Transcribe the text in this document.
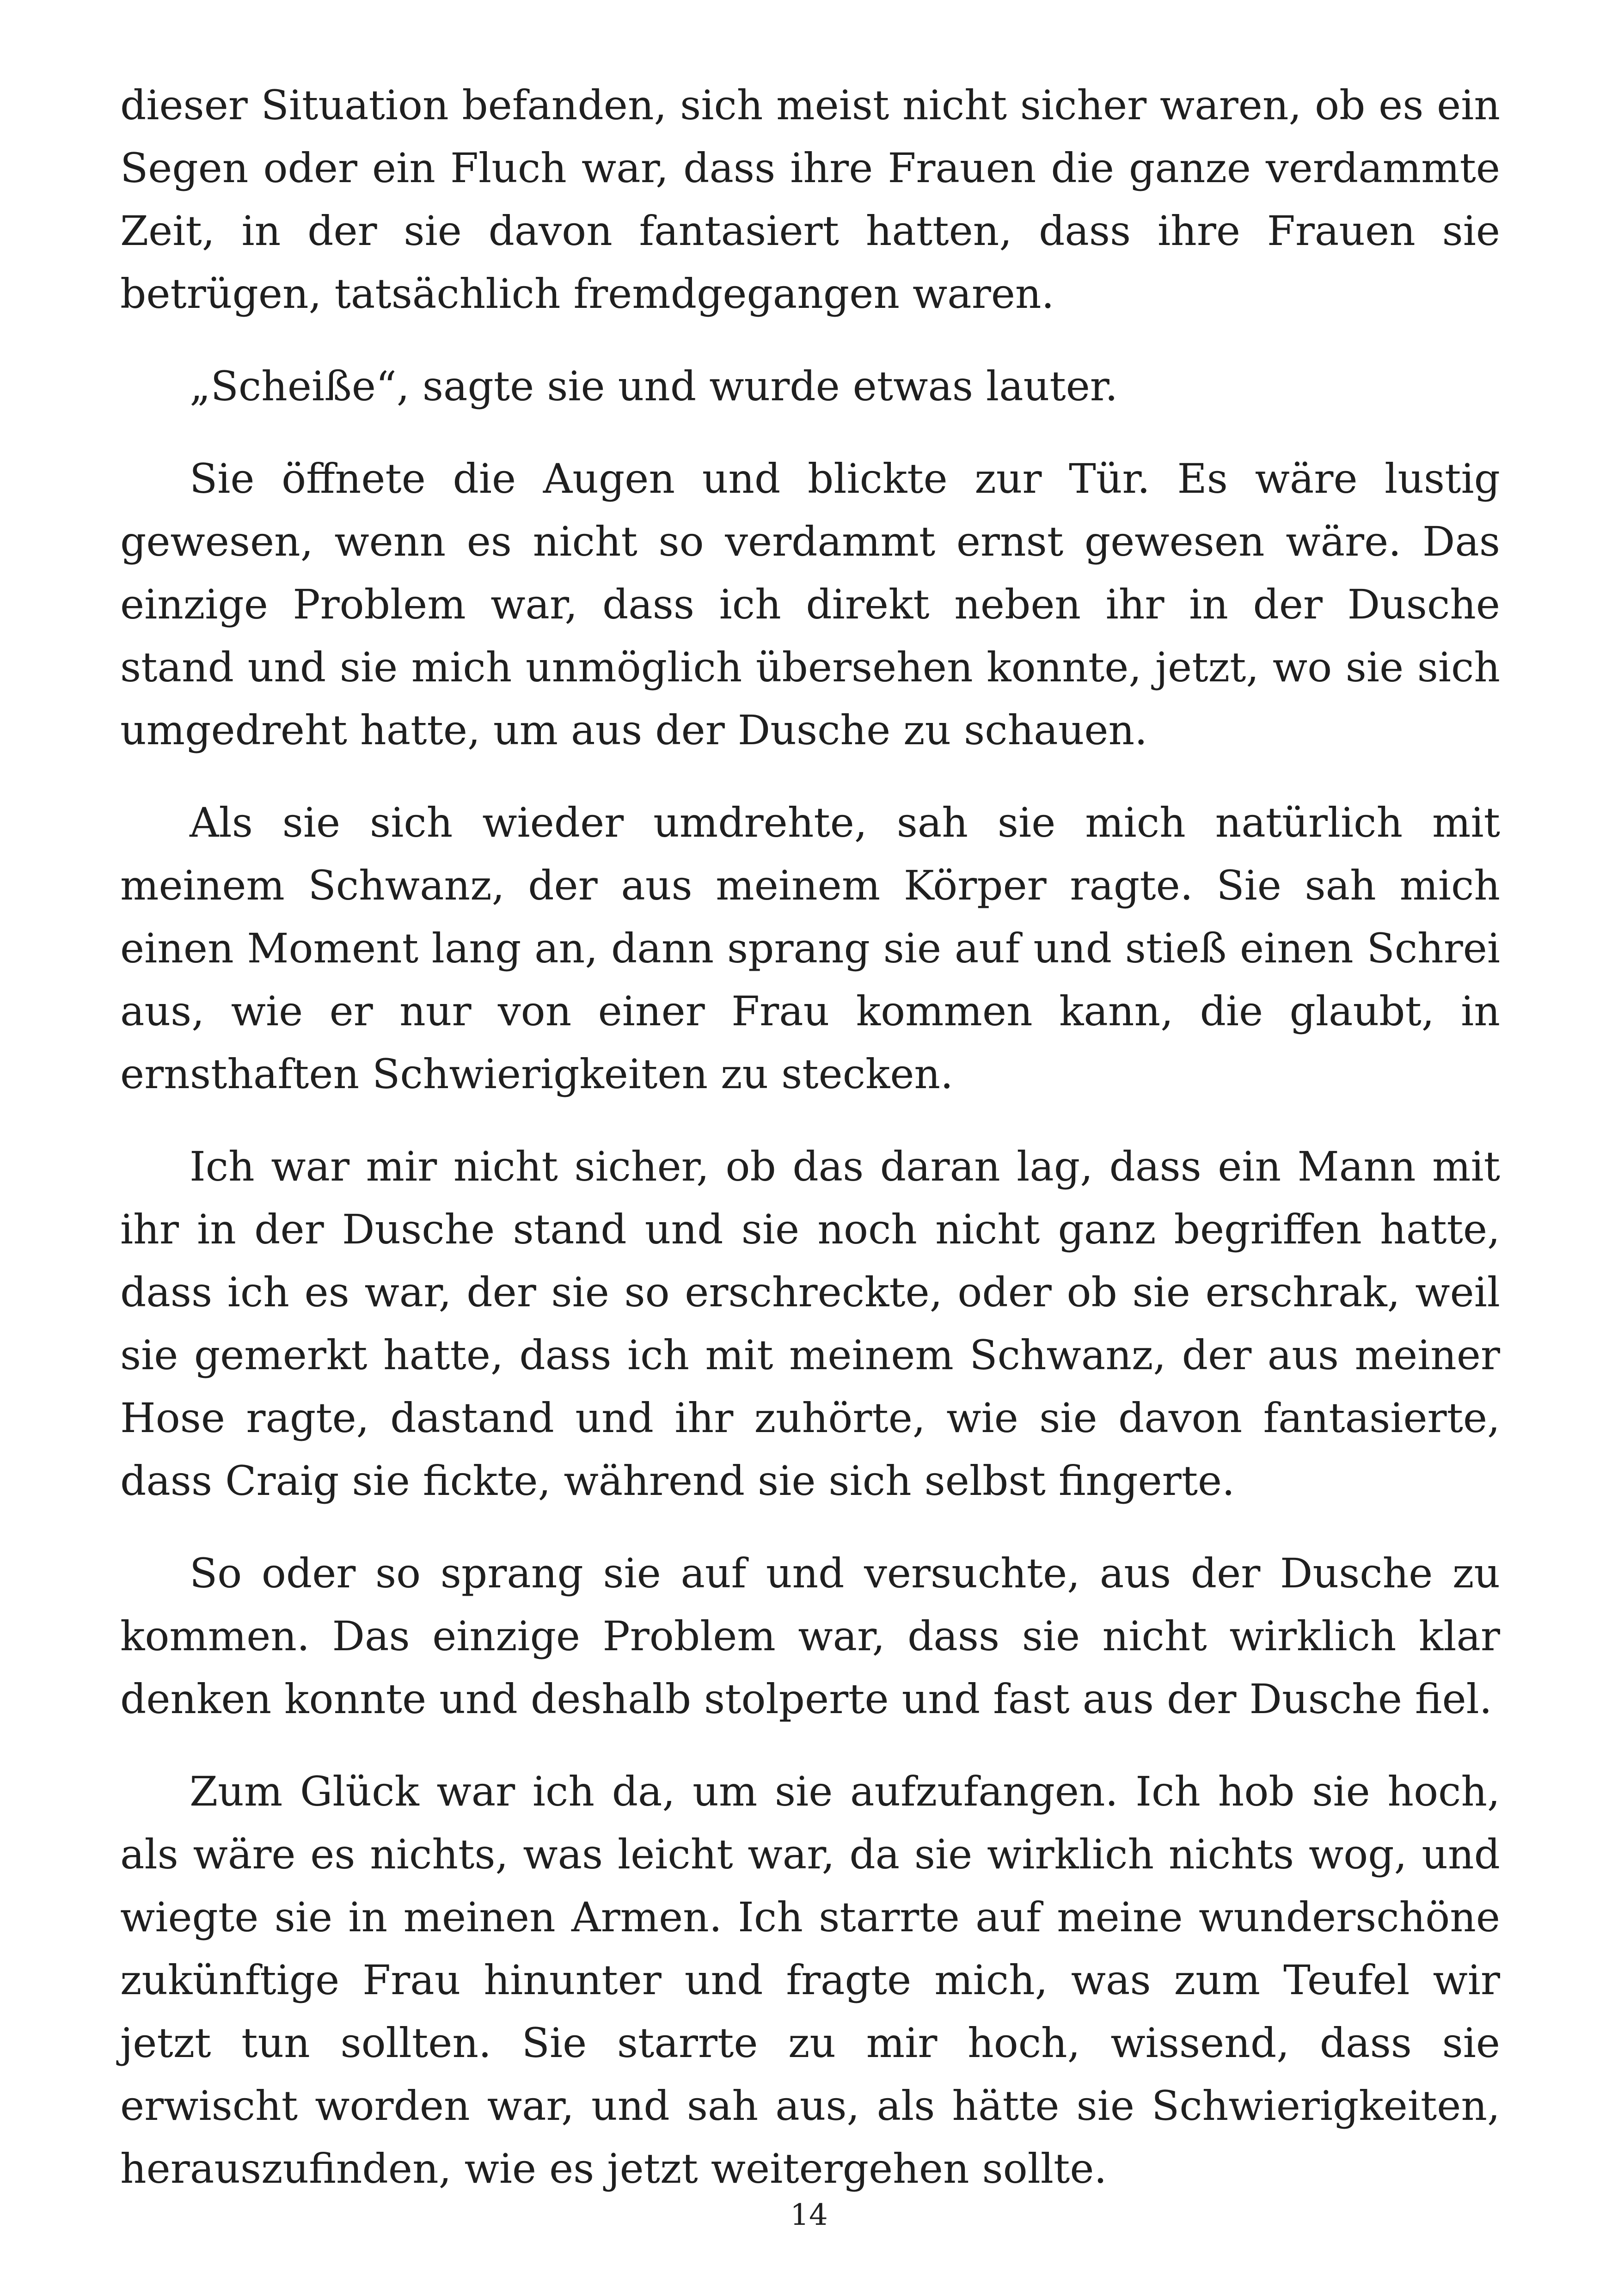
dieser Situation befanden, sich meist nicht sicher waren, ob es ein Segen oder ein Fluch war, dass ihre Frauen die ganze verdammte Zeit, in der sie davon fantasiert hatten, dass ihre Frauen sie betrügen, tatsächlich fremdgegangen waren.

„Scheiße“, sagte sie und wurde etwas lauter.

Sie öffnete die Augen und blickte zur Tür. Es wäre lustig gewesen, wenn es nicht so verdammt ernst gewesen wäre. Das einzige Problem war, dass ich direkt neben ihr in der Dusche stand und sie mich unmöglich übersehen konnte, jetzt, wo sie sich umgedreht hatte, um aus der Dusche zu schauen.

Als sie sich wieder umdrehte, sah sie mich natürlich mit meinem Schwanz, der aus meinem Körper ragte. Sie sah mich einen Moment lang an, dann sprang sie auf und stieß einen Schrei aus, wie er nur von einer Frau kommen kann, die glaubt, in ernsthaften Schwierigkeiten zu stecken.

Ich war mir nicht sicher, ob das daran lag, dass ein Mann mit ihr in der Dusche stand und sie noch nicht ganz begriffen hatte, dass ich es war, der sie so erschreckte, oder ob sie erschrak, weil sie gemerkt hatte, dass ich mit meinem Schwanz, der aus meiner Hose ragte, dastand und ihr zuhörte, wie sie davon fantasierte, dass Craig sie fickte, während sie sich selbst fingerte.

So oder so sprang sie auf und versuchte, aus der Dusche zu kommen. Das einzige Problem war, dass sie nicht wirklich klar denken konnte und deshalb stolperte und fast aus der Dusche fiel.

Zum Glück war ich da, um sie aufzufangen. Ich hob sie hoch, als wäre es nichts, was leicht war, da sie wirklich nichts wog, und wiegte sie in meinen Armen. Ich starrte auf meine wunderschöne zukünftige Frau hinunter und fragte mich, was zum Teufel wir jetzt tun sollten. Sie starrte zu mir hoch, wissend, dass sie erwischt worden war, und sah aus, als hätte sie Schwierigkeiten, herauszufinden, wie es jetzt weitergehen sollte.

14
